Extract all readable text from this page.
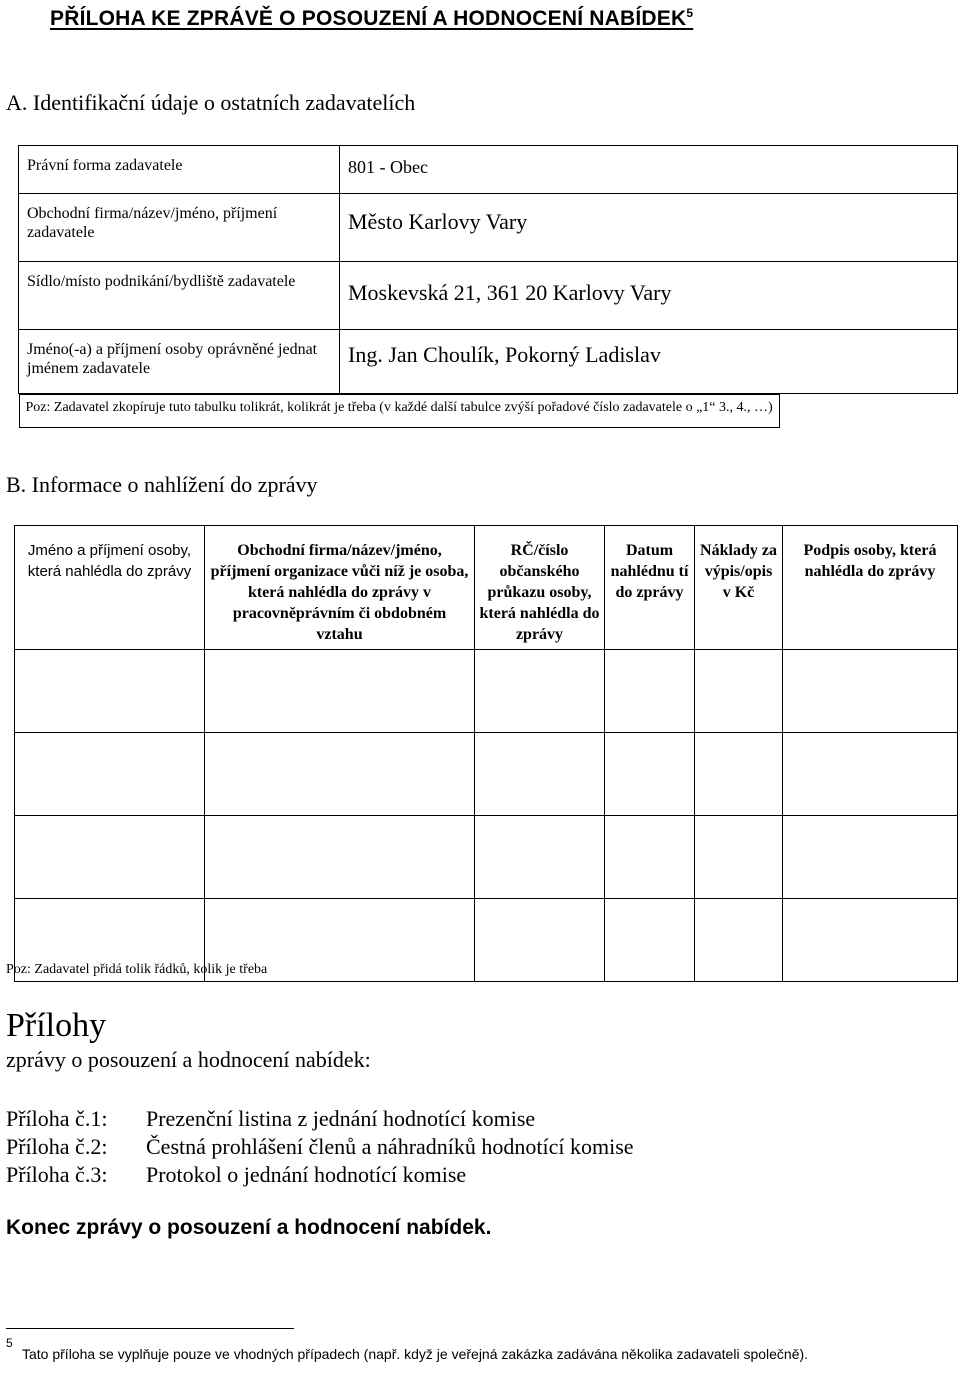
PŘÍLOHA KE ZPRÁVĚ O POSOUZENÍ A HODNOCENÍ NABÍDEK$^5$
A. Identifikační údaje o ostatních zadavatelích
Právní forma zadavatele	801 - Obec

Obchodní firma/název/jméno, příjmení zadavatele	Město Karlovy Vary

Sídlo/místo podnikání/bydliště zadavatele	Moskevská 21, 361 20 Karlovy Vary

Jméno(-a) a příjmení osoby oprávněné jednat jménem zadavatele	Ing. Jan Choulík, Pokorný Ladislav

Poz: Zadavatel zkopíruje tuto tabulku tolikrát, kolikrát je třeba (v každé další tabulce zvýší pořadové číslo zadavatele o „1“ 3., 4., …)
B. Informace o nahlížení do zprávy
Jméno a příjmení osoby, která nahlédla do zprávy	Obchodní firma/název/jméno, příjmení organizace vůči níž je osoba, která nahlédla do zprávy v pracovněprávním či obdobném vztahu	RČ/číslo občanského průkazu osoby, která nahlédla do zprávy	Datum nahlédnu tí do zprávy	Náklady za výpis/opis v Kč	Podpis osoby, která nahlédla do zprávy

Poz: Zadavatel přidá tolik řádků, kolik je třeba
Přílohy
zprávy o posouzení a hodnocení nabídek:
Příloha č.1: Prezenční listina z jednání hodnotící komise
Příloha č.2: Čestná prohlášení členů a náhradníků hodnotící komise
Příloha č.3: Protokol o jednání hodnotící komise
Konec zprávy o posouzení a hodnocení nabídek.
5
Tato příloha se vyplňuje pouze ve vhodných případech (např. když je veřejná zakázka zadávána několika zadavateli společně).
